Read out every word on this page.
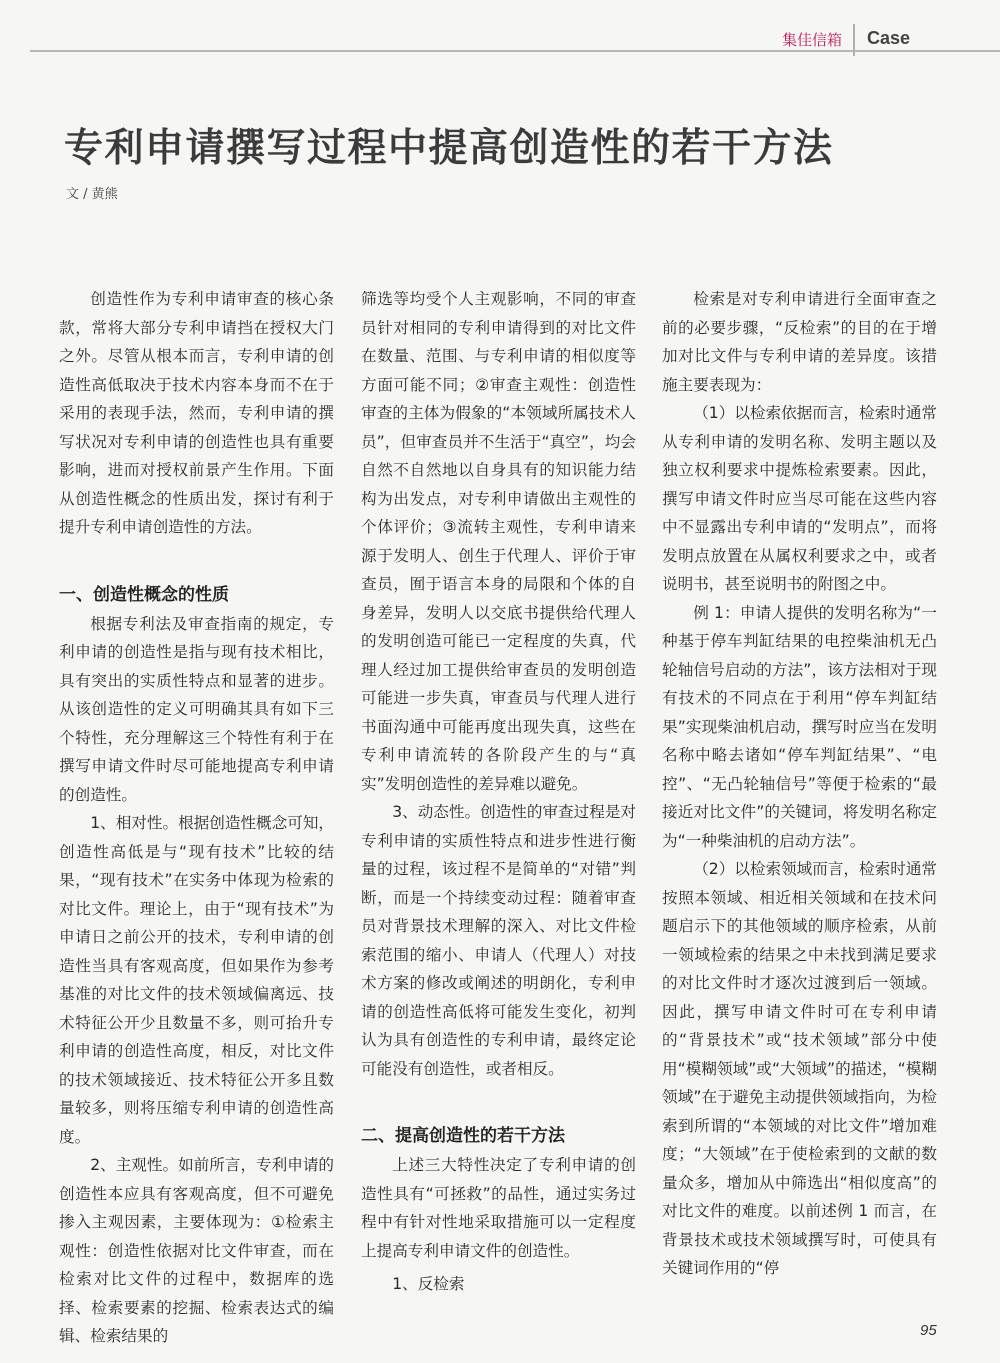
集佳信箱 Case
专利申请撰写过程中提高创造性的若干方法
文 / 黄熊

创造性作为专利申请审查的核心条款，常将大部分专利申请挡在授权大门之外。尽管从根本而言，专利申请的创造性高低取决于技术内容本身而不在于采用的表现手法，然而，专利申请的撰写状况对专利申请的创造性也具有重要影响，进而对授权前景产生作用。下面从创造性概念的性质出发，探讨有利于提升专利申请创造性的方法。

一、创造性概念的性质

根据专利法及审查指南的规定，专利申请的创造性是指与现有技术相比，具有突出的实质性特点和显著的进步。从该创造性的定义可明确其具有如下三个特性，充分理解这三个特性有利于在撰写申请文件时尽可能地提高专利申请的创造性。

1、相对性。根据创造性概念可知，创造性高低是与“现有技术”比较的结果，“现有技术”在实务中体现为检索的对比文件。理论上，由于“现有技术”为申请日之前公开的技术，专利申请的创造性当具有客观高度，但如果作为参考基准的对比文件的技术领域偏离远、技术特征公开少且数量不多，则可抬升专利申请的创造性高度，相反，对比文件的技术领域接近、技术特征公开多且数量较多，则将压缩专利申请的创造性高度。

2、主观性。如前所言，专利申请的创造性本应具有客观高度，但不可避免掺入主观因素，主要体现为：①检索主观性：创造性依据对比文件审查，而在检索对比文件的过程中，数据库的选择、检索要素的挖掘、检索表达式的编辑、检索结果的

筛选等均受个人主观影响，不同的审查员针对相同的专利申请得到的对比文件在数量、范围、与专利申请的相似度等方面可能不同；②审查主观性：创造性审查的主体为假象的“本领域所属技术人员”，但审查员并不生活于“真空”，均会自然不自然地以自身具有的知识能力结构为出发点，对专利申请做出主观性的个体评价；③流转主观性，专利申请来源于发明人、创生于代理人、评价于审查员，囿于语言本身的局限和个体的自身差异，发明人以交底书提供给代理人的发明创造可能已一定程度的失真，代理人经过加工提供给审查员的发明创造可能进一步失真，审查员与代理人进行书面沟通中可能再度出现失真，这些在专利申请流转的各阶段产生的与“真实”发明创造性的差异难以避免。

3、动态性。创造性的审查过程是对专利申请的实质性特点和进步性进行衡量的过程，该过程不是简单的“对错”判断，而是一个持续变动过程：随着审查员对背景技术理解的深入、对比文件检索范围的缩小、申请人（代理人）对技术方案的修改或阐述的明朗化，专利申请的创造性高低将可能发生变化，初判认为具有创造性的专利申请，最终定论可能没有创造性，或者相反。

二、提高创造性的若干方法

上述三大特性决定了专利申请的创造性具有“可拯救”的品性，通过实务过程中有针对性地采取措施可以一定程度上提高专利申请文件的创造性。

1、反检索

检索是对专利申请进行全面审查之前的必要步骤，“反检索”的目的在于增加对比文件与专利申请的差异度。该措施主要表现为：

（1）以检索依据而言，检索时通常从专利申请的发明名称、发明主题以及独立权利要求中提炼检索要素。因此，撰写申请文件时应当尽可能在这些内容中不显露出专利申请的“发明点”，而将发明点放置在从属权利要求之中，或者说明书，甚至说明书的附图之中。

例 1：申请人提供的发明名称为“一种基于停车判缸结果的电控柴油机无凸轮轴信号启动的方法”，该方法相对于现有技术的不同点在于利用“停车判缸结果”实现柴油机启动，撰写时应当在发明名称中略去诸如“停车判缸结果”、“电控”、“无凸轮轴信号”等便于检索的“最接近对比文件”的关键词，将发明名称定为“一种柴油机的启动方法”。

（2）以检索领域而言，检索时通常按照本领域、相近相关领域和在技术问题启示下的其他领域的顺序检索，从前一领域检索的结果之中未找到满足要求的对比文件时才逐次过渡到后一领域。因此，撰写申请文件时可在专利申请的“背景技术”或“技术领域”部分中使用“模糊领域”或“大领域”的描述，“模糊领域”在于避免主动提供领域指向，为检索到所谓的“本领域的对比文件”增加难度；“大领域”在于使检索到的文献的数量众多，增加从中筛选出“相似度高”的对比文件的难度。以前述例 1 而言，在背景技术或技术领域撰写时，可使具有关键词作用的“停

95
